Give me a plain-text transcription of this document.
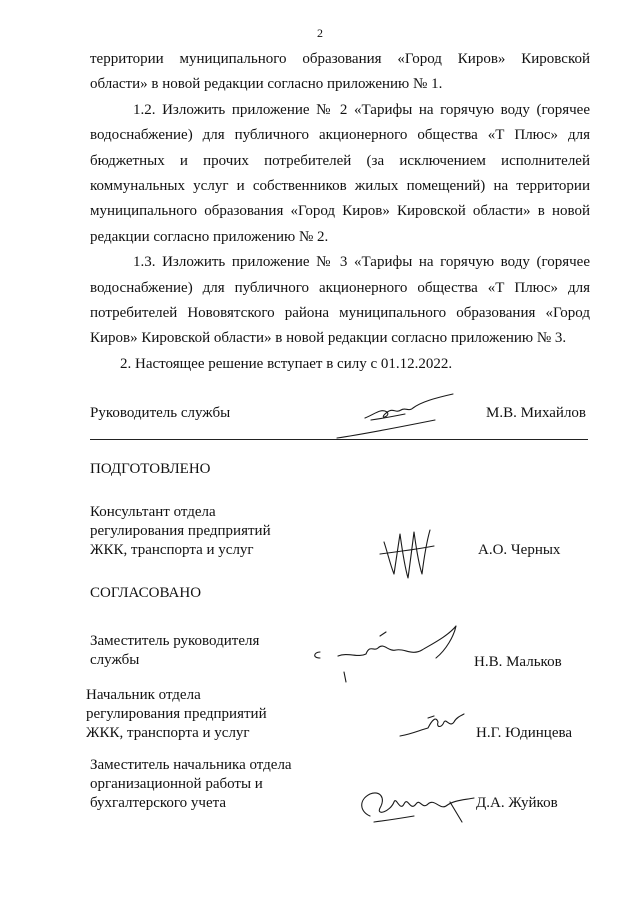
2

территории муниципального образования «Город Киров» Кировской области» в новой редакции согласно приложению № 1.

1.2. Изложить приложение № 2 «Тарифы на горячую воду (горячее водоснабжение) для публичного акционерного общества «Т Плюс» для бюджетных и прочих потребителей (за исключением исполнителей коммунальных услуг и собственников жилых помещений) на территории муниципального образования «Город Киров» Кировской области» в новой редакции согласно приложению № 2.

1.3. Изложить приложение № 3 «Тарифы на горячую воду (горячее водоснабжение) для публичного акционерного общества «Т Плюс» для потребителей Нововятского района муниципального образования «Город Киров» Кировской области» в новой редакции согласно приложению № 3.

2. Настоящее решение вступает в силу с 01.12.2022.

Руководитель службы	М.В. Михайлов
ПОДГОТОВЛЕНО
Консультант отдела
регулирования предприятий
ЖКК, транспорта и услуг	А.О. Черных
СОГЛАСОВАНО
Заместитель руководителя
службы	Н.В. Мальков
Начальник отдела
регулирования предприятий
ЖКК, транспорта и услуг	Н.Г. Юдинцева
Заместитель начальника отдела
организационной работы и
бухгалтерского учета	Д.А. Жуйков
